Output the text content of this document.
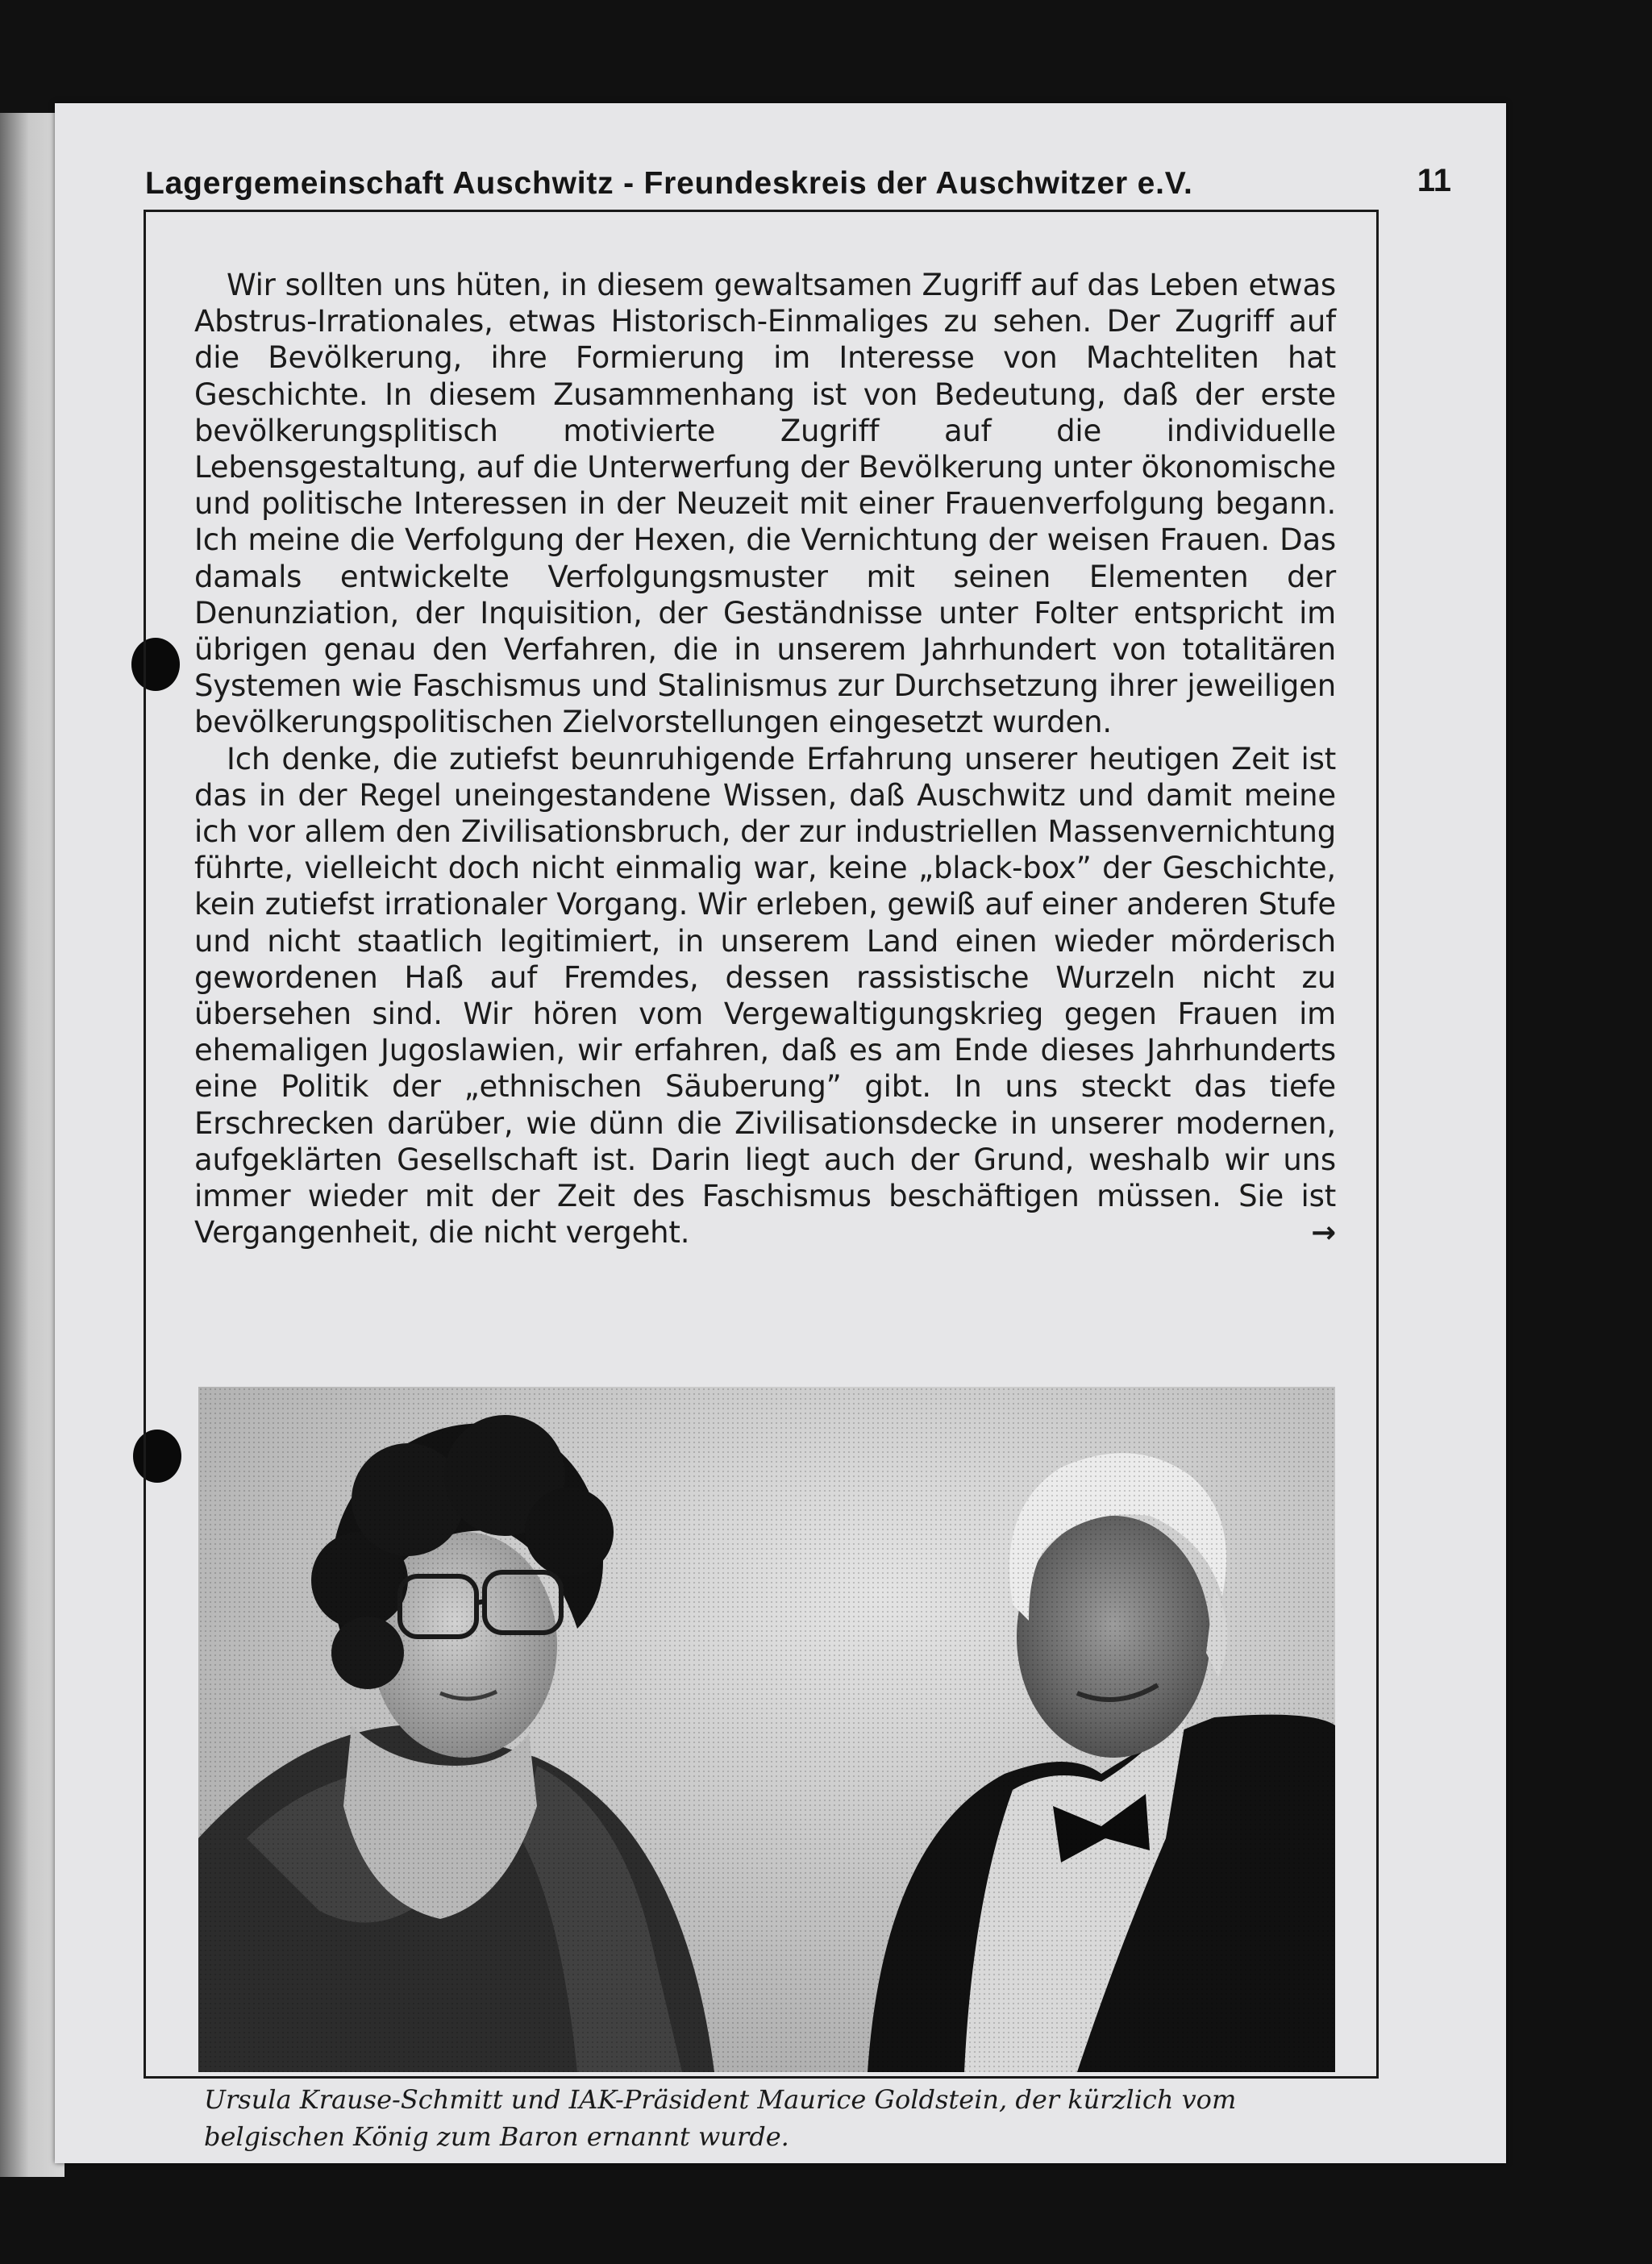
Lagergemeinschaft Auschwitz - Freundeskreis der Auschwitzer e.V.	11

Wir sollten uns hüten, in diesem gewaltsamen Zugriff auf das Leben etwas Abstrus-Irrationales, etwas Historisch-Einmaliges zu sehen. Der Zugriff auf die Bevölkerung, ihre Formierung im Interesse von Machteliten hat Geschichte. In diesem Zusammenhang ist von Bedeutung, daß der erste bevölkerungsplitisch motivierte Zugriff auf die individuelle Lebensgestaltung, auf die Unterwerfung der Bevölkerung unter ökonomische und politische Interessen in der Neuzeit mit einer Frauenverfolgung begann. Ich meine die Verfolgung der Hexen, die Vernichtung der weisen Frauen. Das damals entwickelte Verfolgungsmuster mit seinen Elementen der Denunziation, der Inquisition, der Geständnisse unter Folter entspricht im übrigen genau den Verfahren, die in unserem Jahrhundert von totalitären Systemen wie Faschismus und Stalinismus zur Durchsetzung ihrer jeweiligen bevölkerungspolitischen Zielvorstellungen eingesetzt wurden.

Ich denke, die zutiefst beunruhigende Erfahrung unserer heutigen Zeit ist das in der Regel uneingestandene Wissen, daß Auschwitz und damit meine ich vor allem den Zivilisationsbruch, der zur industriellen Massenvernichtung führte, vielleicht doch nicht einmalig war, keine „black-box” der Geschichte, kein zutiefst irrationaler Vorgang. Wir erleben, gewiß auf einer anderen Stufe und nicht staatlich legitimiert, in unserem Land einen wieder mörderisch gewordenen Haß auf Fremdes, dessen rassistische Wurzeln nicht zu übersehen sind. Wir hören vom Vergewaltigungskrieg gegen Frauen im ehemaligen Jugoslawien, wir erfahren, daß es am Ende dieses Jahrhunderts eine Politik der „ethnischen Säuberung” gibt. In uns steckt das tiefe Erschrecken darüber, wie dünn die Zivilisationsdecke in unserer modernen, aufgeklärten Gesellschaft ist. Darin liegt auch der Grund, weshalb wir uns immer wieder mit der Zeit des Faschismus beschäftigen müssen. Sie ist Vergangenheit, die nicht vergeht.	→

Ursula Krause-Schmitt und IAK-Präsident Maurice Goldstein, der kürzlich vom belgischen König zum Baron ernannt wurde.
